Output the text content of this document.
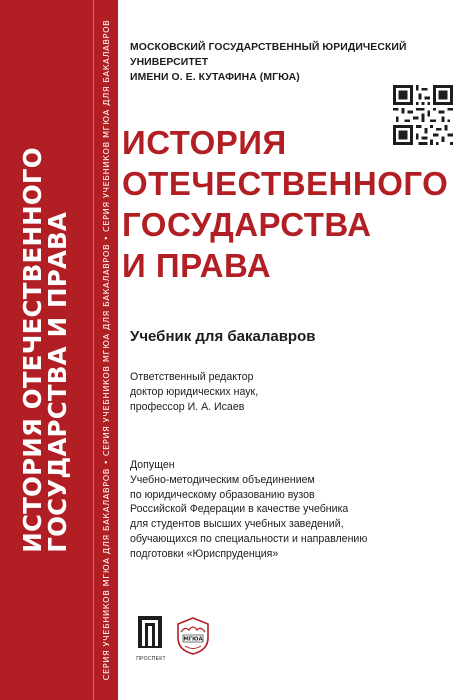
ИСТОРИЯ ОТЕЧЕСТВЕННОГО
ГОСУДАРСТВА И ПРАВА	СЕРИЯ УЧЕБНИКОВ МГЮА ДЛЯ БАКАЛАВРОВ • СЕРИЯ УЧЕБНИКОВ МГЮА ДЛЯ БАКАЛАВРОВ • СЕРИЯ УЧЕБНИКОВ МГЮА ДЛЯ БАКАЛАВРОВ МОСКОВСКИЙ ГОСУДАРСТВЕННЫЙ ЮРИДИЧЕСКИЙ УНИВЕРСИТЕТ
ИМЕНИ О. Е. КУТАФИНА (МГЮА)
ИСТОРИЯ
ОТЕЧЕСТВЕННОГО
ГОСУДАРСТВА
И ПРАВА
Учебник для бакалавров
Ответственный редактор
доктор юридических наук,
профессор И. А. Исаев
Допущен
Учебно-методическим объединением
по юридическому образованию вузов
Российской Федерации в качестве учебника
для студентов высших учебных заведений,
обучающихся по специальности и направлению
подготовки «Юриспруденция»
ПРОСПЕКТ
МГЮА
